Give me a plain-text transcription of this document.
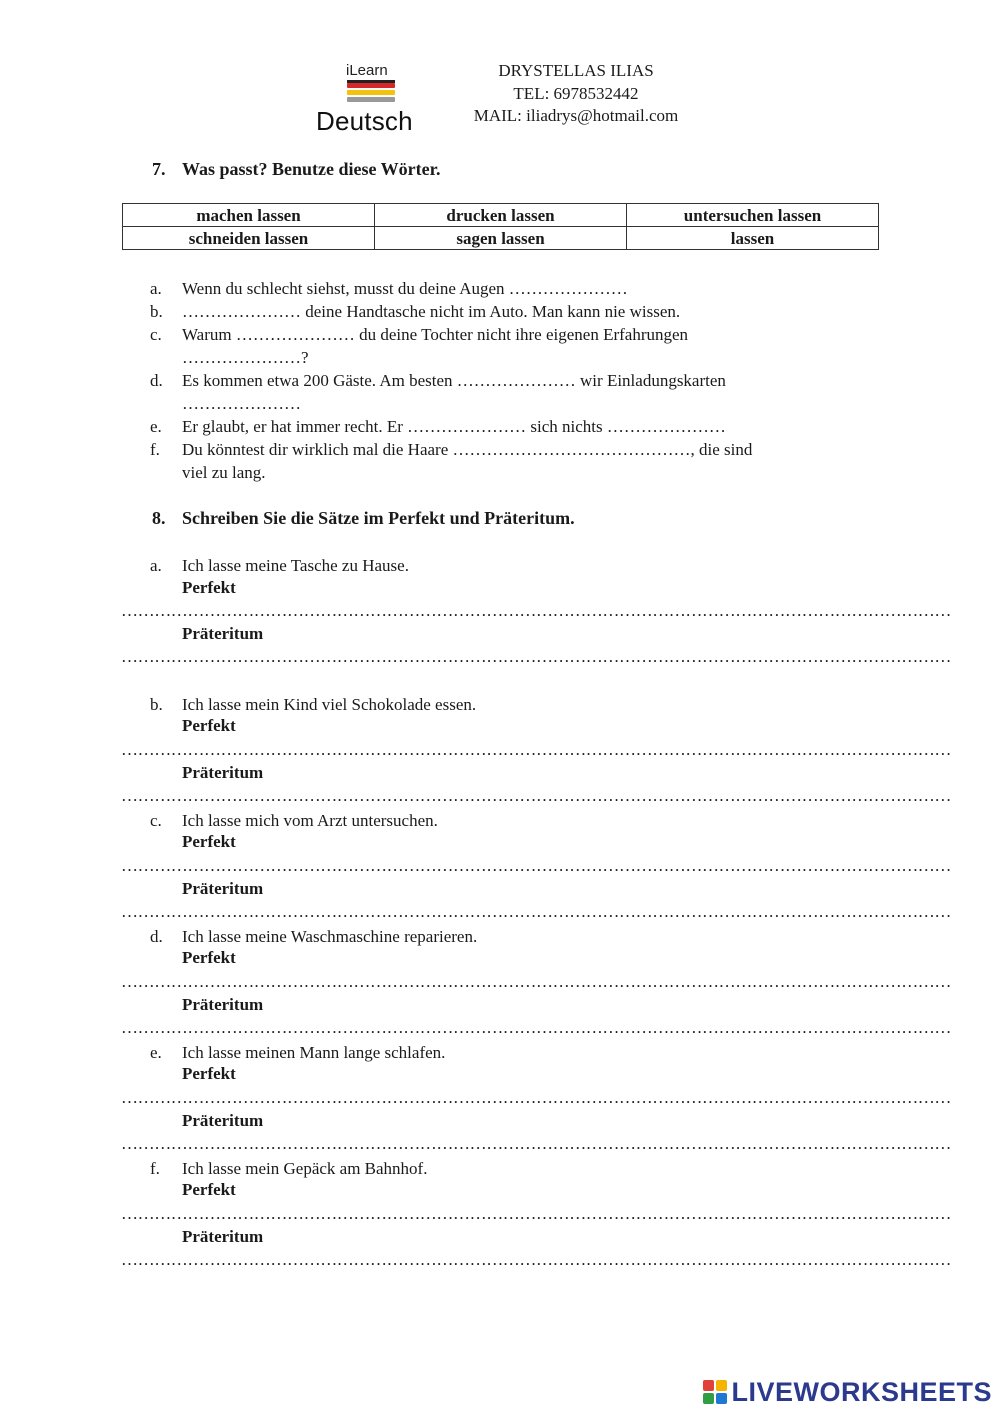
iLearn
Deutsch
DRYSTELLAS ILIAS
TEL: 6978532442
MAIL: iliadrys@hotmail.com
7. Was passt? Benutze diese Wörter.
machen lassen	drucken lassen	untersuchen lassen
schneiden lassen	sagen lassen	lassen
a. Wenn du schlecht siehst, musst du deine Augen …………………
b. ………………… deine Handtasche nicht im Auto. Man kann nie wissen.
c. Warum ………………… du deine Tochter nicht ihre eigenen Erfahrungen
…………………?
d. Es kommen etwa 200 Gäste. Am besten ………………… wir Einladungskarten
…………………
e. Er glaubt, er hat immer recht. Er ………………… sich nichts …………………
f. Du könntest dir wirklich mal die Haare ……………………………………, die sind
viel zu lang.
8. Schreiben Sie die Sätze im Perfekt und Präteritum.
a. Ich lasse meine Tasche zu Hause.
Perfekt
……………………………………………………………………………………………………………………………………
Präteritum
……………………………………………………………………………………………………………………………………
b. Ich lasse mein Kind viel Schokolade essen.
Perfekt
……………………………………………………………………………………………………………………………………
Präteritum
……………………………………………………………………………………………………………………………………
c. Ich lasse mich vom Arzt untersuchen.
Perfekt
……………………………………………………………………………………………………………………………………
Präteritum
……………………………………………………………………………………………………………………………………
d. Ich lasse meine Waschmaschine reparieren.
Perfekt
……………………………………………………………………………………………………………………………………
Präteritum
……………………………………………………………………………………………………………………………………
e. Ich lasse meinen Mann lange schlafen.
Perfekt
……………………………………………………………………………………………………………………………………
Präteritum
……………………………………………………………………………………………………………………………………
f. Ich lasse mein Gepäck am Bahnhof.
Perfekt
……………………………………………………………………………………………………………………………………
Präteritum
……………………………………………………………………………………………………………………………………
LIVEWORKSHEETS
